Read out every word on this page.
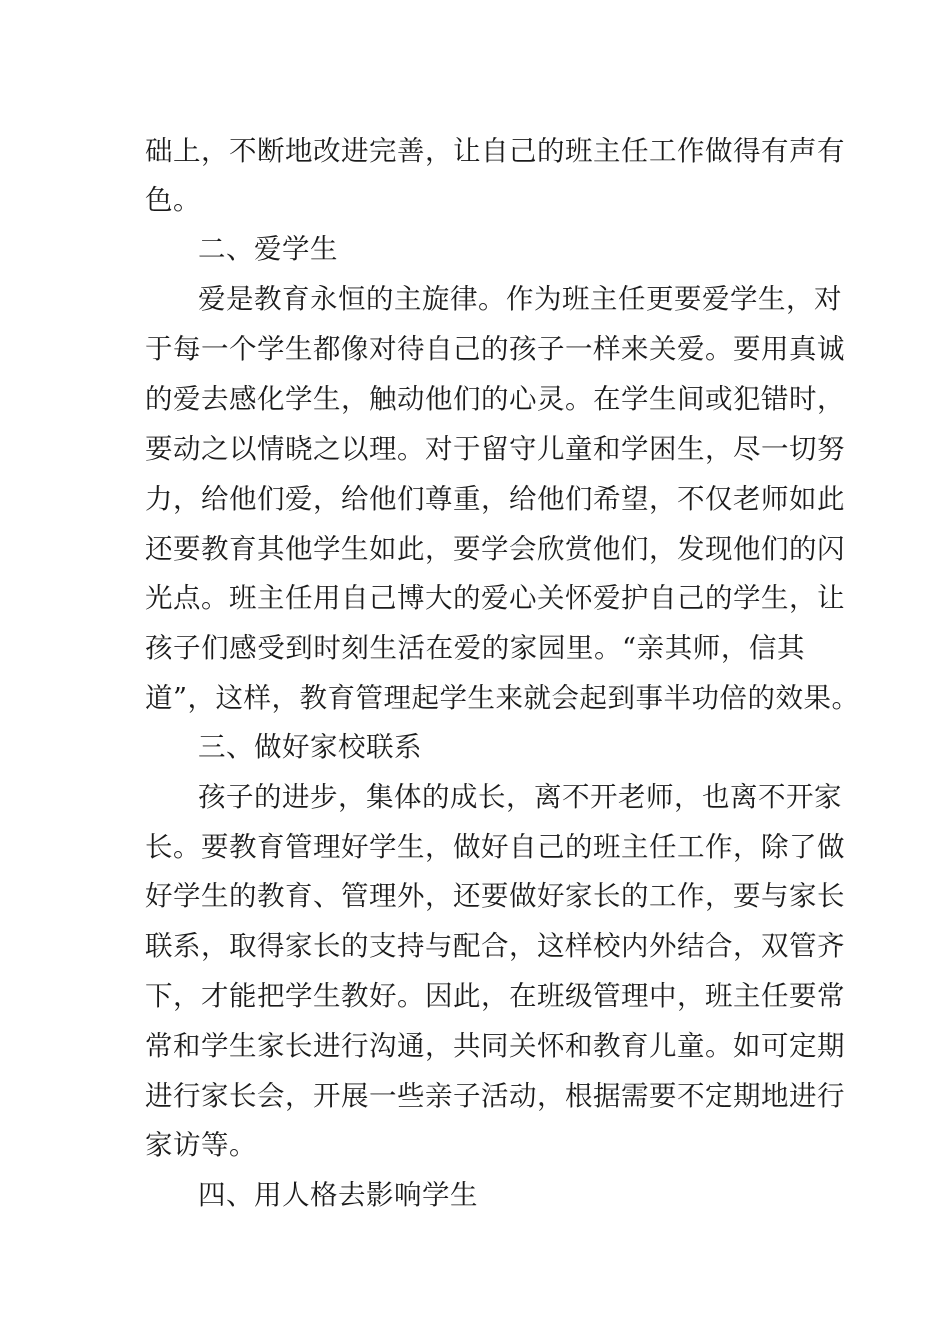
础上，不断地改进完善，让自己的班主任工作做得有声有
色。
二、爱学生
爱是教育永恒的主旋律。作为班主任更要爱学生，对
于每一个学生都像对待自己的孩子一样来关爱。要用真诚
的爱去感化学生，触动他们的心灵。在学生间或犯错时，
要动之以情晓之以理。对于留守儿童和学困生，尽一切努
力，给他们爱，给他们尊重，给他们希望，不仅老师如此
还要教育其他学生如此，要学会欣赏他们，发现他们的闪
光点。班主任用自己博大的爱心关怀爱护自己的学生，让
孩子们感受到时刻生活在爱的家园里。“亲其师，信其
道”，这样，教育管理起学生来就会起到事半功倍的效果。
三、做好家校联系
孩子的进步，集体的成长，离不开老师，也离不开家
长。要教育管理好学生，做好自己的班主任工作，除了做
好学生的教育、管理外，还要做好家长的工作，要与家长
联系，取得家长的支持与配合，这样校内外结合，双管齐
下，才能把学生教好。因此，在班级管理中，班主任要常
常和学生家长进行沟通，共同关怀和教育儿童。如可定期
进行家长会，开展一些亲子活动，根据需要不定期地进行
家访等。
四、用人格去影响学生
